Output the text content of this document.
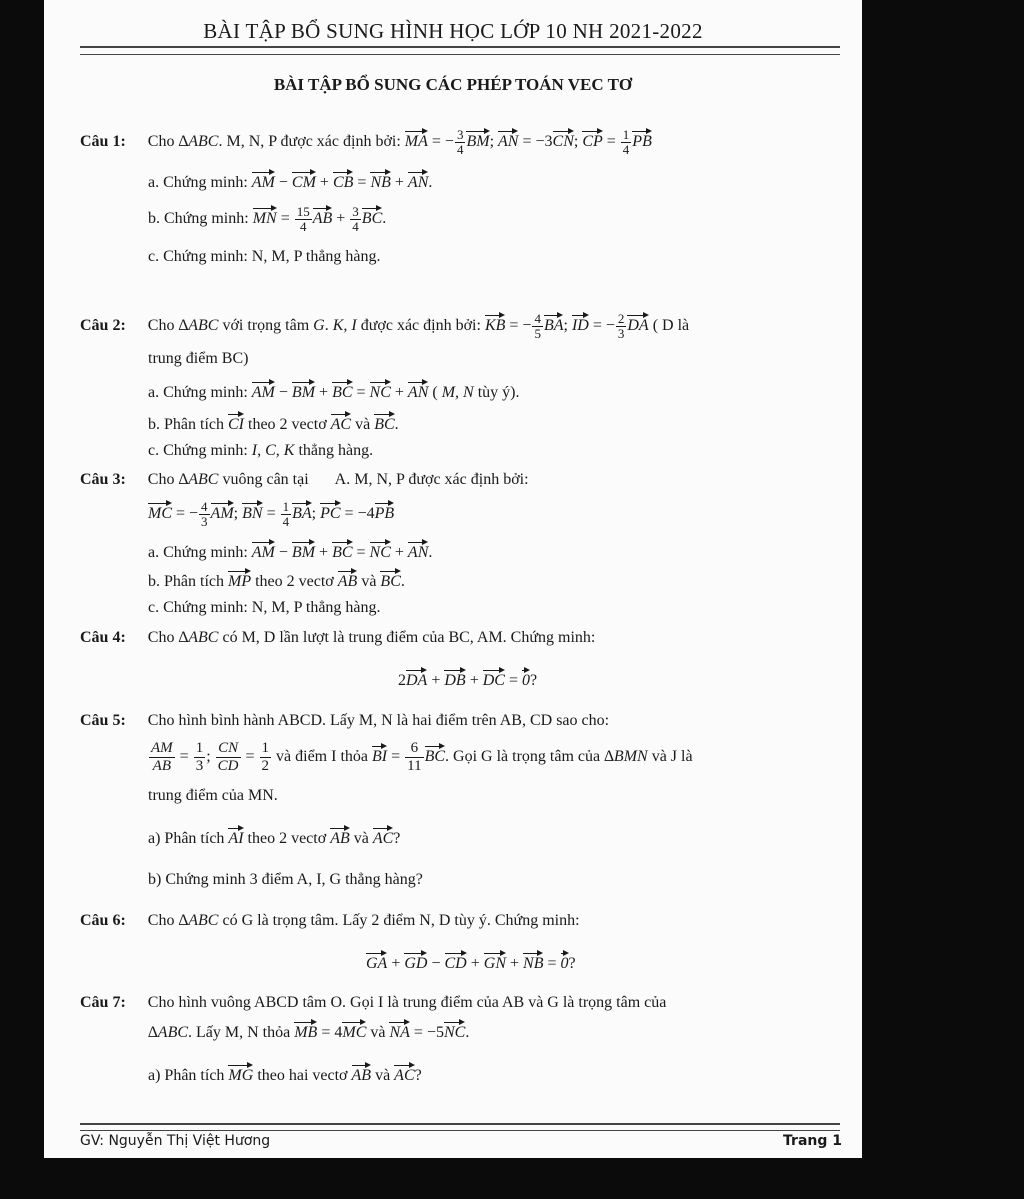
BÀI TẬP BỔ SUNG HÌNH HỌC LỚP 10 NH 2021-2022
BÀI TẬP BỔ SUNG CÁC PHÉP TOÁN VEC TƠ
Câu 1: Cho ∆ABC. M, N, P được xác định bởi: MA = − $\frac{3}{4}$ BM; AN = −3CN; CP = $\frac{1}{4}$ PB
a. Chứng minh: AM − CM + CB = NB + AN.
b. Chứng minh: MN = $\frac{15}{4}$ AB + $\frac{3}{4}$ BC.
c. Chứng minh: N, M, P thẳng hàng.
Câu 2: Cho ∆ABC với trọng tâm G. K, I được xác định bởi: KB = − $\frac{4}{5}$ BA; ID = − $\frac{2}{3}$ DA ( D là
trung điểm BC)
a. Chứng minh: AM − BM + BC = NC + AN ( M, N tùy ý).
b. Phân tích CI theo 2 vectơ AC và BC.
c. Chứng minh: I, C, K thẳng hàng.
Câu 3: Cho ∆ABC vuông cân tại A. M, N, P được xác định bởi:
MC = − $\frac{4}{3}$ AM; BN = $\frac{1}{4}$ BA; PC = −4PB
a. Chứng minh: AM − BM + BC = NC + AN.
b. Phân tích MP theo 2 vectơ AB và BC.
c. Chứng minh: N, M, P thẳng hàng.
Câu 4: Cho ∆ABC có M, D lần lượt là trung điểm của BC, AM. Chứng minh:
2DA + DB + DC = 0?
Câu 5: Cho hình bình hành ABCD. Lấy M, N là hai điểm trên AB, CD sao cho:
$\frac{AM}{AB} = \frac{1}{3}$ ; $\frac{CN}{CD} = \frac{1}{2}$ và điểm I thỏa BI = $\frac{6}{11}$ BC. Gọi G là trọng tâm của ∆BMN và J là
trung điểm của MN.
a) Phân tích AI theo 2 vectơ AB và AC?
b) Chứng minh 3 điểm A, I, G thẳng hàng?
Câu 6: Cho ∆ABC có G là trọng tâm. Lấy 2 điểm N, D tùy ý. Chứng minh:
GA + GD − CD + GN + NB = 0?
Câu 7: Cho hình vuông ABCD tâm O. Gọi I là trung điểm của AB và G là trọng tâm của
∆ABC. Lấy M, N thỏa MB = 4MC và NA = −5NC.
a) Phân tích MG theo hai vectơ AB và AC?
GV: Nguyễn Thị Việt Hương	Trang 1
